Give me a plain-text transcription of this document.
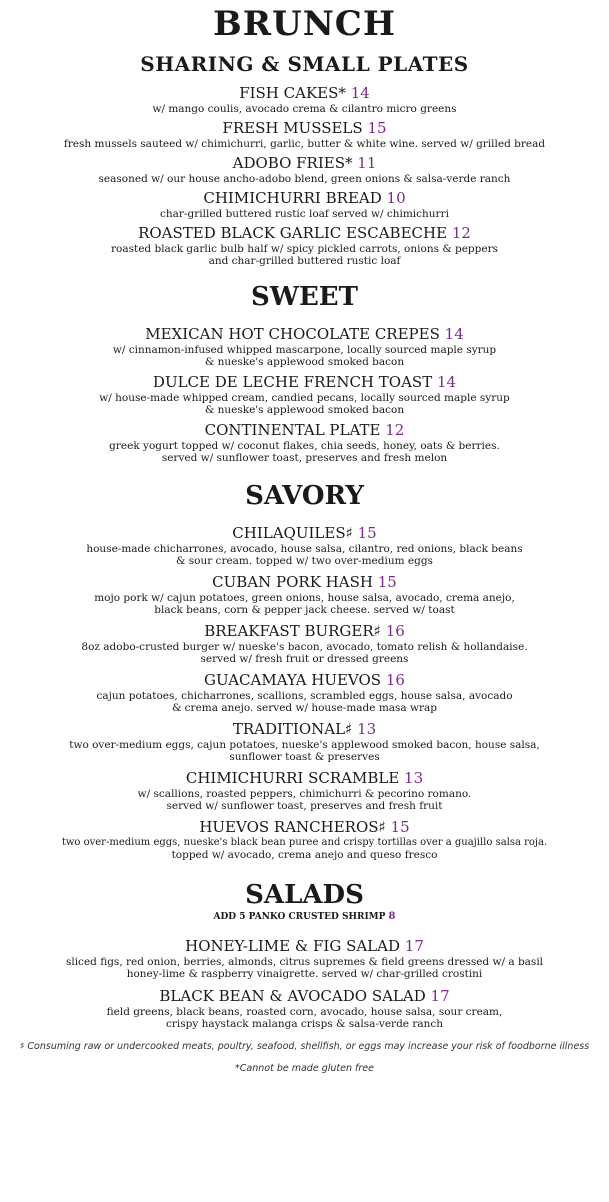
BRUNCH
SHARING & SMALL PLATES
FISH CAKES* 14
w/ mango coulis, avocado crema & cilantro micro greens
FRESH MUSSELS 15
fresh mussels sauteed w/ chimichurri, garlic, butter & white wine. served w/ grilled bread
ADOBO FRIES* 11
seasoned w/ our house ancho-adobo blend, green onions & salsa-verde ranch
CHIMICHURRI BREAD 10
char-grilled buttered rustic loaf served w/ chimichurri
ROASTED BLACK GARLIC ESCABECHE 12
roasted black garlic bulb half w/ spicy pickled carrots, onions & peppers
and char-grilled buttered rustic loaf
SWEET
MEXICAN HOT CHOCOLATE CREPES 14
w/ cinnamon-infused whipped mascarpone, locally sourced maple syrup
& nueske's applewood smoked bacon
DULCE DE LECHE FRENCH TOAST 14
w/ house-made whipped cream, candied pecans, locally sourced maple syrup
& nueske's applewood smoked bacon
CONTINENTAL PLATE 12
greek yogurt topped w/ coconut flakes, chia seeds, honey, oats & berries.
served w/ sunflower toast, preserves and fresh melon
SAVORY
CHILAQUILES♯ 15
house-made chicharrones, avocado, house salsa, cilantro, red onions, black beans
& sour cream. topped w/ two over-medium eggs
CUBAN PORK HASH 15
mojo pork w/ cajun potatoes, green onions, house salsa, avocado, crema anejo,
black beans, corn & pepper jack cheese. served w/ toast
BREAKFAST BURGER♯ 16
8oz adobo-crusted burger w/ nueske's bacon, avocado, tomato relish & hollandaise.
served w/ fresh fruit or dressed greens
GUACAMAYA HUEVOS 16
cajun potatoes, chicharrones, scallions, scrambled eggs, house salsa, avocado
& crema anejo. served w/ house-made masa wrap
TRADITIONAL♯ 13
two over-medium eggs, cajun potatoes, nueske's applewood smoked bacon, house salsa,
sunflower toast & preserves
CHIMICHURRI SCRAMBLE 13
w/ scallions, roasted peppers, chimichurri & pecorino romano.
served w/ sunflower toast, preserves and fresh fruit
HUEVOS RANCHEROS♯ 15
two over-medium eggs, nueske's black bean puree and crispy tortillas over a guajillo salsa roja.
topped w/ avocado, crema anejo and queso fresco
SALADS
ADD 5 PANKO CRUSTED SHRIMP 8
HONEY-LIME & FIG SALAD 17
sliced figs, red onion, berries, almonds, citrus supremes & field greens dressed w/ a basil
honey-lime & raspberry vinaigrette. served w/ char-grilled crostini
BLACK BEAN & AVOCADO SALAD 17
field greens, black beans, roasted corn, avocado, house salsa, sour cream,
crispy haystack malanga crisps & salsa-verde ranch
♯ Consuming raw or undercooked meats, poultry, seafood, shellfish, or eggs may increase your risk of foodborne illness
*Cannot be made gluten free
